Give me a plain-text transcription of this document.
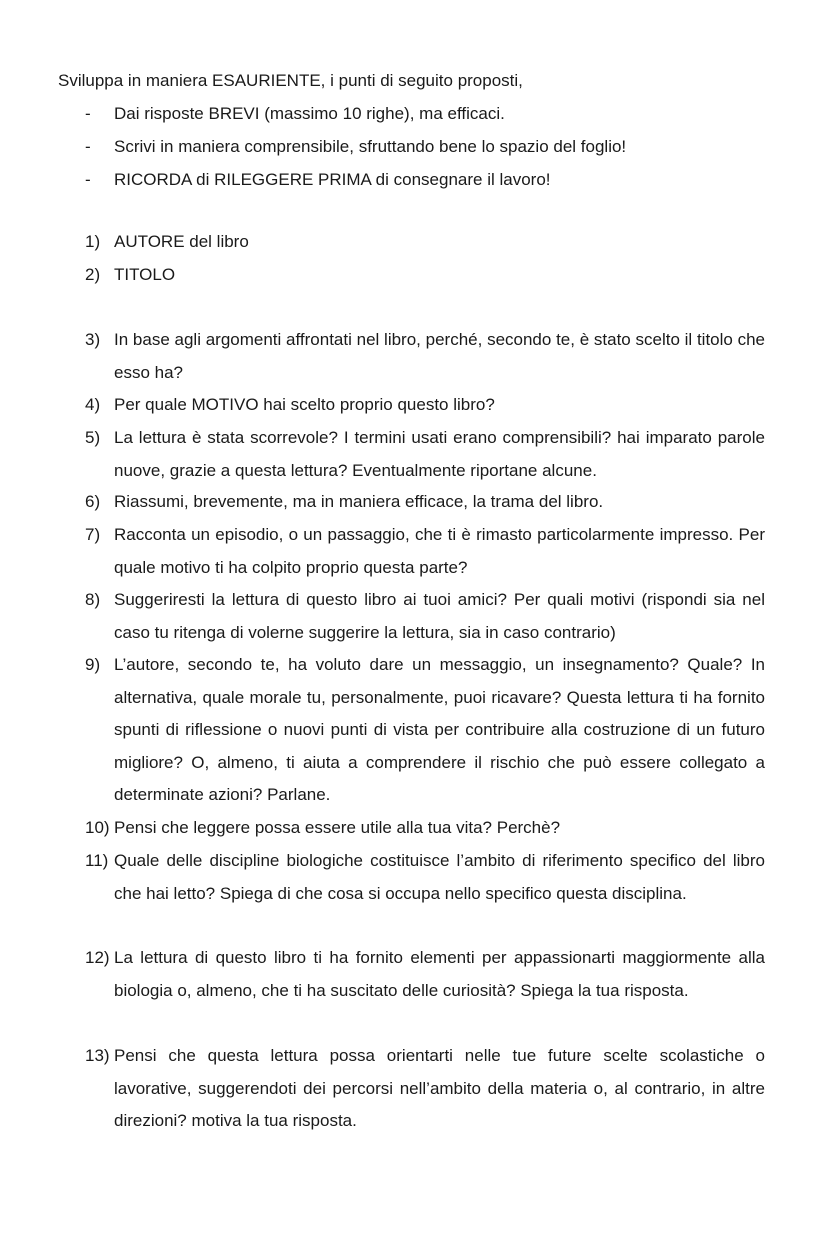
Sviluppa in maniera ESAURIENTE, i punti di seguito proposti,
- Dai risposte BREVI (massimo 10 righe), ma efficaci.
- Scrivi in maniera comprensibile, sfruttando bene lo spazio del foglio!
- RICORDA di RILEGGERE PRIMA di consegnare il lavoro!
1) AUTORE del libro
2) TITOLO
3) In base agli argomenti affrontati nel libro, perché, secondo te, è stato scelto il titolo che esso ha?
4) Per quale MOTIVO hai scelto proprio questo libro?
5) La lettura è stata scorrevole? I termini usati erano comprensibili? hai imparato parole nuove, grazie a questa lettura? Eventualmente riportane alcune.
6) Riassumi, brevemente, ma in maniera efficace, la trama del libro.
7) Racconta un episodio, o un passaggio, che ti è rimasto particolarmente impresso. Per quale motivo ti ha colpito proprio questa parte?
8) Suggeriresti la lettura di questo libro ai tuoi amici? Per quali motivi (rispondi sia nel caso tu ritenga di volerne suggerire la lettura, sia in caso contrario)
9) L’autore, secondo te, ha voluto dare un messaggio, un insegnamento? Quale? In alternativa, quale morale tu, personalmente, puoi ricavare? Questa lettura ti ha fornito spunti di riflessione o nuovi punti di vista per contribuire alla costruzione di un futuro migliore? O, almeno, ti aiuta a comprendere il rischio che può essere collegato a determinate azioni? Parlane.
10) Pensi che leggere possa essere utile alla tua vita? Perchè?
11) Quale delle discipline biologiche costituisce l’ambito di riferimento specifico del libro che hai letto? Spiega di che cosa si occupa nello specifico questa disciplina.
12) La lettura di questo libro ti ha fornito elementi per appassionarti maggiormente alla biologia o, almeno, che ti ha suscitato delle curiosità? Spiega la tua risposta.
13) Pensi che questa lettura possa orientarti nelle tue future scelte scolastiche o lavorative, suggerendoti dei percorsi nell’ambito della materia o, al contrario, in altre direzioni? motiva la tua risposta.
